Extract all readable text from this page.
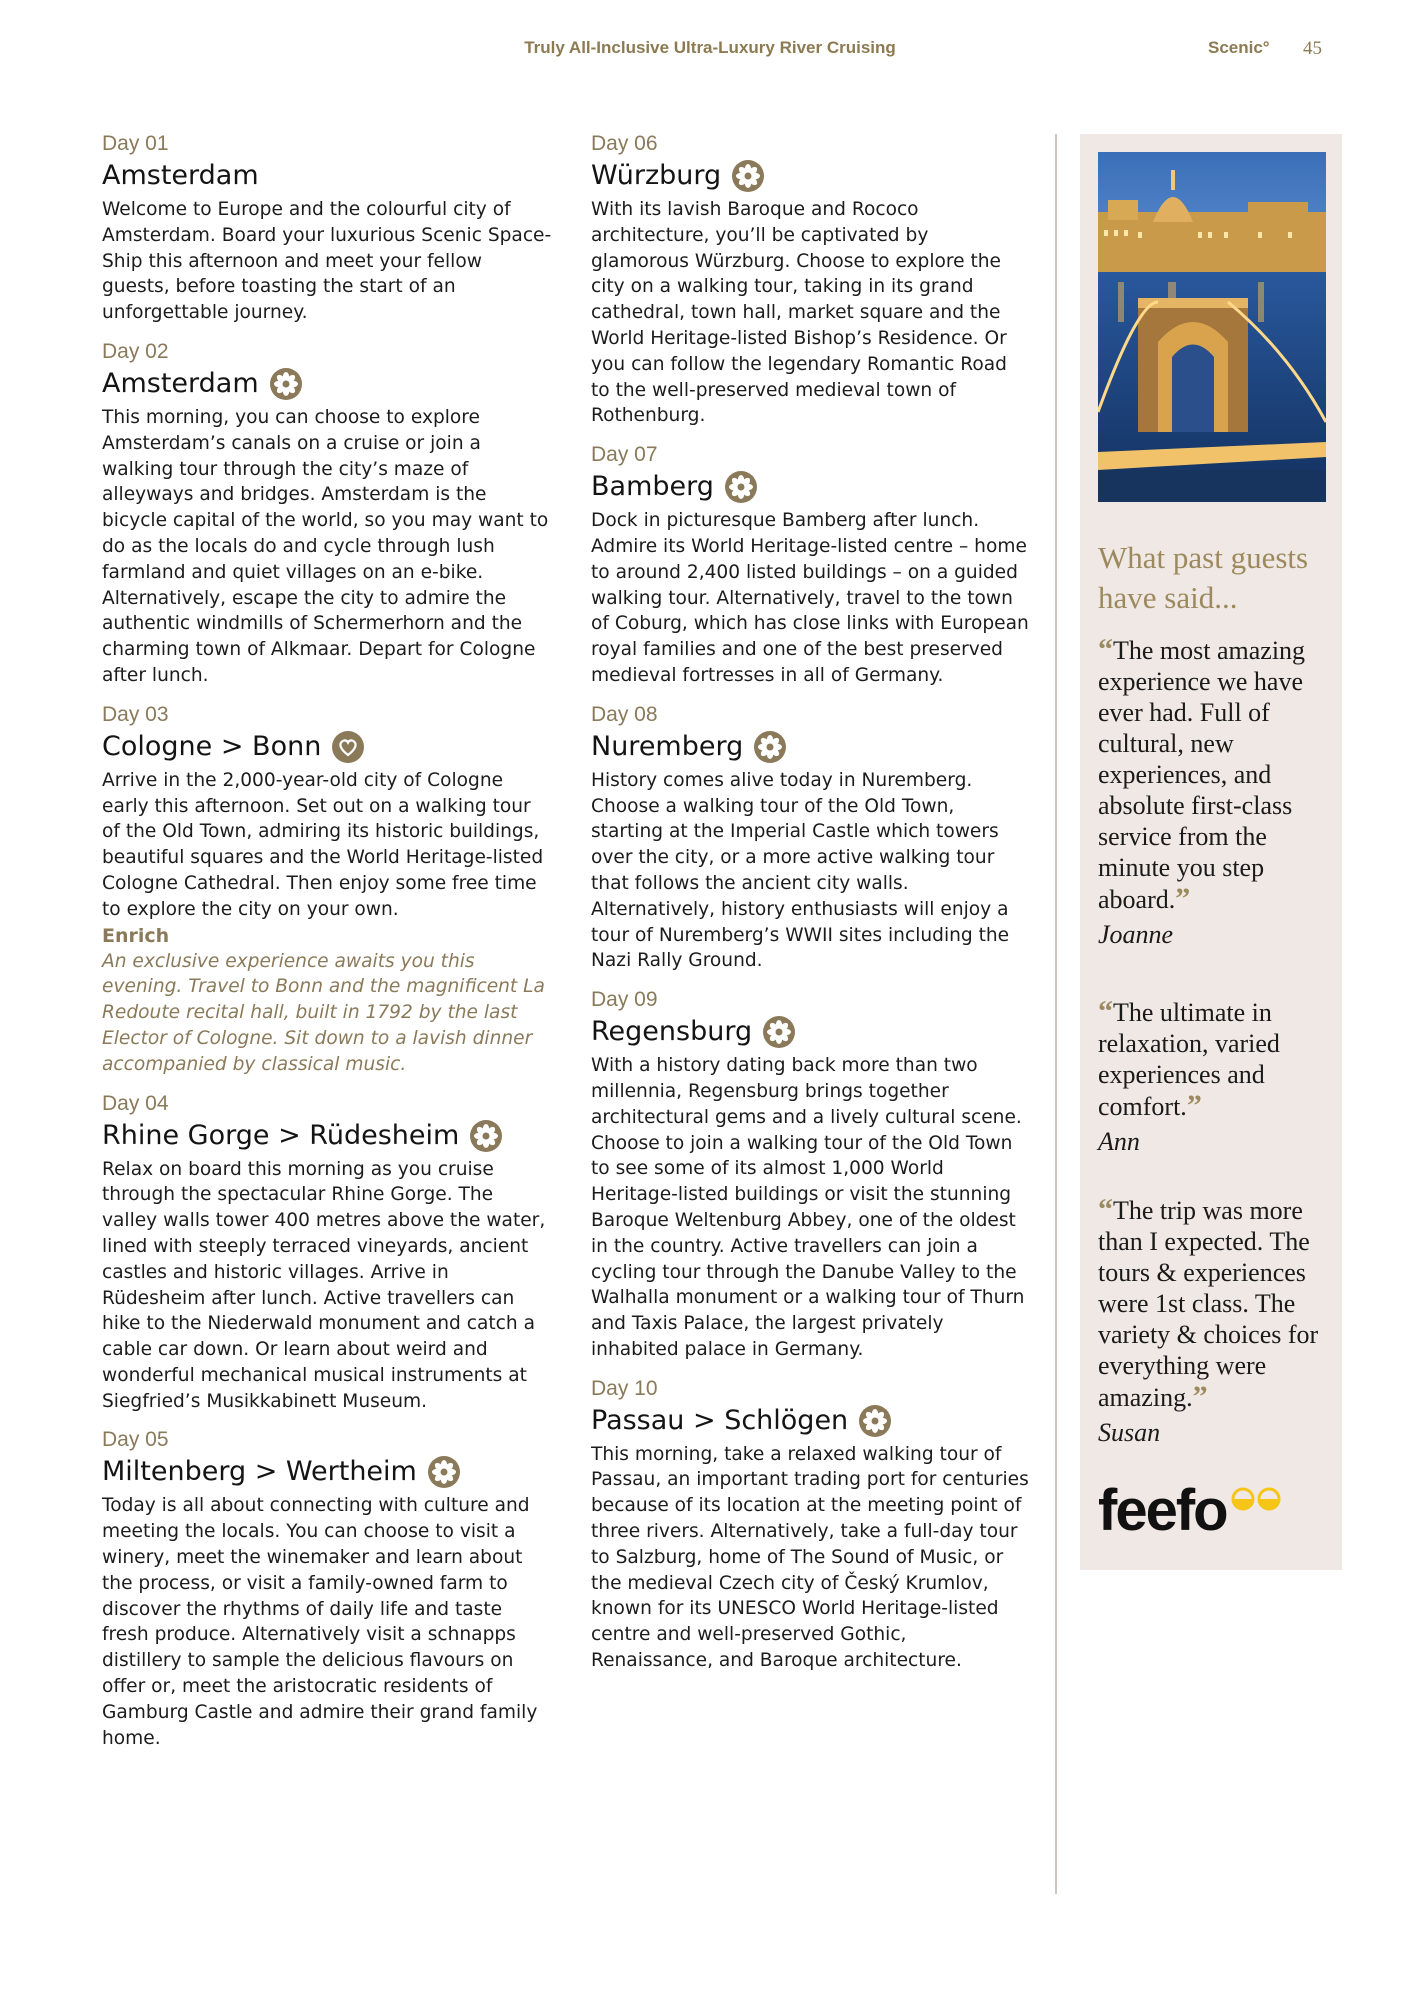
Truly All-Inclusive Ultra-Luxury River Cruising	Scenic° 45
Day 01
Amsterdam
Welcome to Europe and the colourful city of Amsterdam. Board your luxurious Scenic Space-Ship this afternoon and meet your fellow guests, before toasting the start of an unforgettable journey.
Day 02
Amsterdam
This morning, you can choose to explore Amsterdam’s canals on a cruise or join a walking tour through the city’s maze of alleyways and bridges. Amsterdam is the bicycle capital of the world, so you may want to do as the locals do and cycle through lush farmland and quiet villages on an e-bike. Alternatively, escape the city to admire the authentic windmills of Schermerhorn and the charming town of Alkmaar. Depart for Cologne after lunch.
Day 03
Cologne > Bonn
Arrive in the 2,000-year-old city of Cologne early this afternoon. Set out on a walking tour of the Old Town, admiring its historic buildings, beautiful squares and the World Heritage-listed Cologne Cathedral. Then enjoy some free time to explore the city on your own.
Enrich
An exclusive experience awaits you this evening. Travel to Bonn and the magnificent La Redoute recital hall, built in 1792 by the last Elector of Cologne. Sit down to a lavish dinner accompanied by classical music.
Day 04
Rhine Gorge > Rüdesheim
Relax on board this morning as you cruise through the spectacular Rhine Gorge. The valley walls tower 400 metres above the water, lined with steeply terraced vineyards, ancient castles and historic villages. Arrive in Rüdesheim after lunch. Active travellers can hike to the Niederwald monument and catch a cable car down. Or learn about weird and wonderful mechanical musical instruments at Siegfried’s Musikkabinett Museum.
Day 05
Miltenberg > Wertheim
Today is all about connecting with culture and meeting the locals. You can choose to visit a winery, meet the winemaker and learn about the process, or visit a family-owned farm to discover the rhythms of daily life and taste fresh produce. Alternatively visit a schnapps distillery to sample the delicious flavours on offer or, meet the aristocratic residents of Gamburg Castle and admire their grand family home.
Day 06
Würzburg
With its lavish Baroque and Rococo architecture, you’ll be captivated by glamorous Würzburg. Choose to explore the city on a walking tour, taking in its grand cathedral, town hall, market square and the World Heritage-listed Bishop’s Residence. Or you can follow the legendary Romantic Road to the well-preserved medieval town of Rothenburg.
Day 07
Bamberg
Dock in picturesque Bamberg after lunch. Admire its World Heritage-listed centre – home to around 2,400 listed buildings – on a guided walking tour. Alternatively, travel to the town of Coburg, which has close links with European royal families and one of the best preserved medieval fortresses in all of Germany.
Day 08
Nuremberg
History comes alive today in Nuremberg. Choose a walking tour of the Old Town, starting at the Imperial Castle which towers over the city, or a more active walking tour that follows the ancient city walls. Alternatively, history enthusiasts will enjoy a tour of Nuremberg’s WWII sites including the Nazi Rally Ground.
Day 09
Regensburg
With a history dating back more than two millennia, Regensburg brings together architectural gems and a lively cultural scene. Choose to join a walking tour of the Old Town to see some of its almost 1,000 World Heritage-listed buildings or visit the stunning Baroque Weltenburg Abbey, one of the oldest in the country. Active travellers can join a cycling tour through the Danube Valley to the Walhalla monument or a walking tour of Thurn and Taxis Palace, the largest privately inhabited palace in Germany.
Day 10
Passau > Schlögen
This morning, take a relaxed walking tour of Passau, an important trading port for centuries because of its location at the meeting point of three rivers. Alternatively, take a full-day tour to Salzburg, home of The Sound of Music, or the medieval Czech city of Český Krumlov, known for its UNESCO World Heritage-listed centre and well-preserved Gothic, Renaissance, and Baroque architecture.
What past guests have said...
“The most amazing experience we have ever had. Full of cultural, new experiences, and absolute first-class service from the minute you step aboard.”
Joanne
“The ultimate in relaxation, varied experiences and comfort.”
Ann
“The trip was more than I expected. The tours & experiences were 1st class. The variety & choices for everything were amazing.”
Susan
feefo
